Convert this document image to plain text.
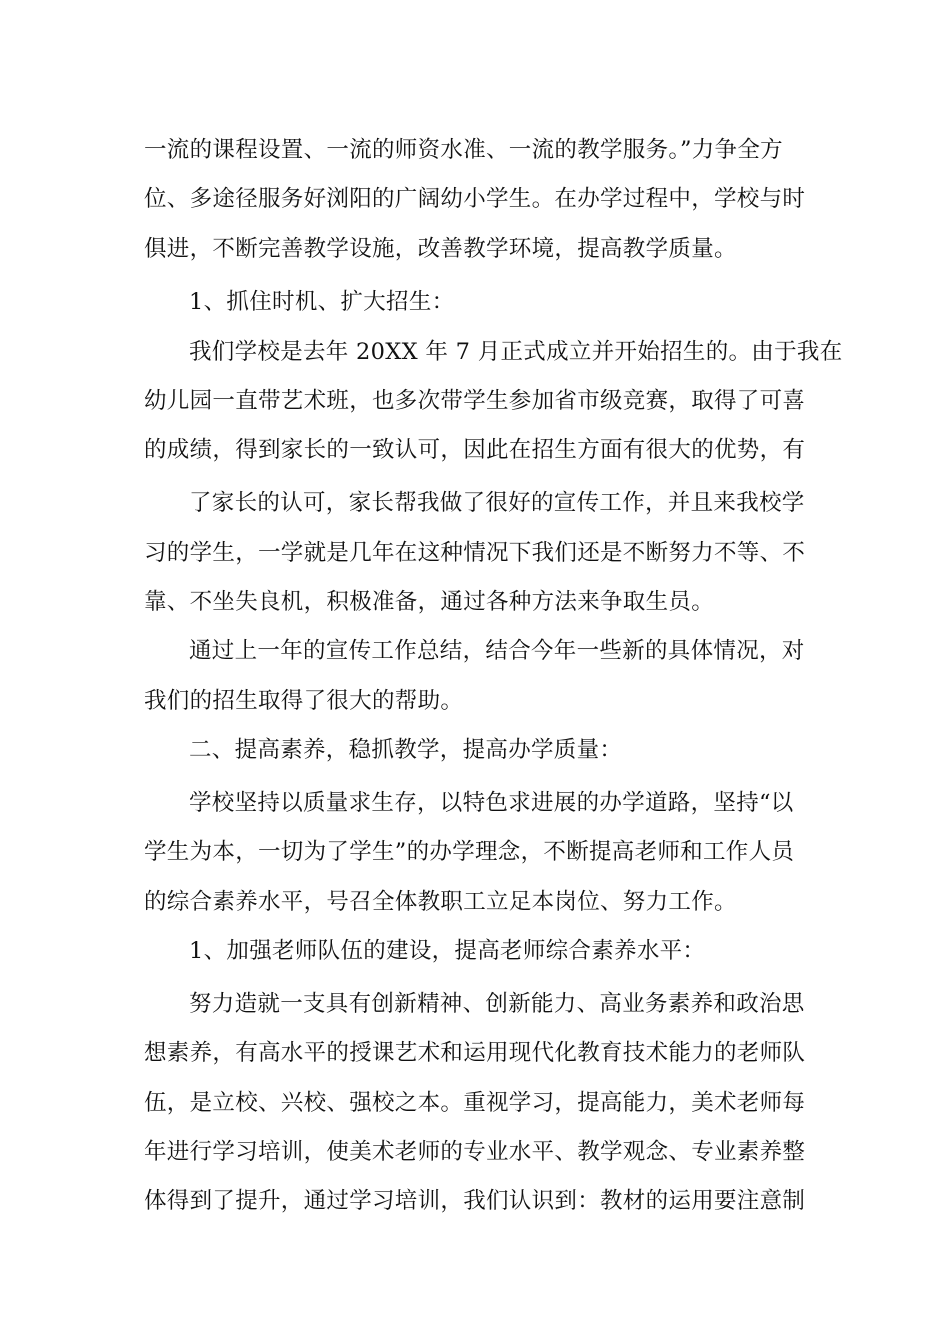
一流的课程设置、一流的师资水准、一流的教学服务。”力争全方
位、多途径服务好浏阳的广阔幼小学生。在办学过程中，学校与时
俱进，不断完善教学设施，改善教学环境，提高教学质量。
1、抓住时机、扩大招生：
我们学校是去年 20XX 年 7 月正式成立并开始招生的。由于我在
幼儿园一直带艺术班，也多次带学生参加省市级竞赛，取得了可喜
的成绩，得到家长的一致认可，因此在招生方面有很大的优势，有
了家长的认可，家长帮我做了很好的宣传工作，并且来我校学
习的学生，一学就是几年在这种情况下我们还是不断努力不等、不
靠、不坐失良机，积极准备，通过各种方法来争取生员。
通过上一年的宣传工作总结，结合今年一些新的具体情况，对
我们的招生取得了很大的帮助。
二、提高素养，稳抓教学，提高办学质量：
学校坚持以质量求生存，以特色求进展的办学道路，坚持“以
学生为本，一切为了学生”的办学理念，不断提高老师和工作人员
的综合素养水平，号召全体教职工立足本岗位、努力工作。
1、加强老师队伍的建设，提高老师综合素养水平：
努力造就一支具有创新精神、创新能力、高业务素养和政治思
想素养，有高水平的授课艺术和运用现代化教育技术能力的老师队
伍，是立校、兴校、强校之本。重视学习，提高能力，美术老师每
年进行学习培训，使美术老师的专业水平、教学观念、专业素养整
体得到了提升，通过学习培训，我们认识到：教材的运用要注意制
